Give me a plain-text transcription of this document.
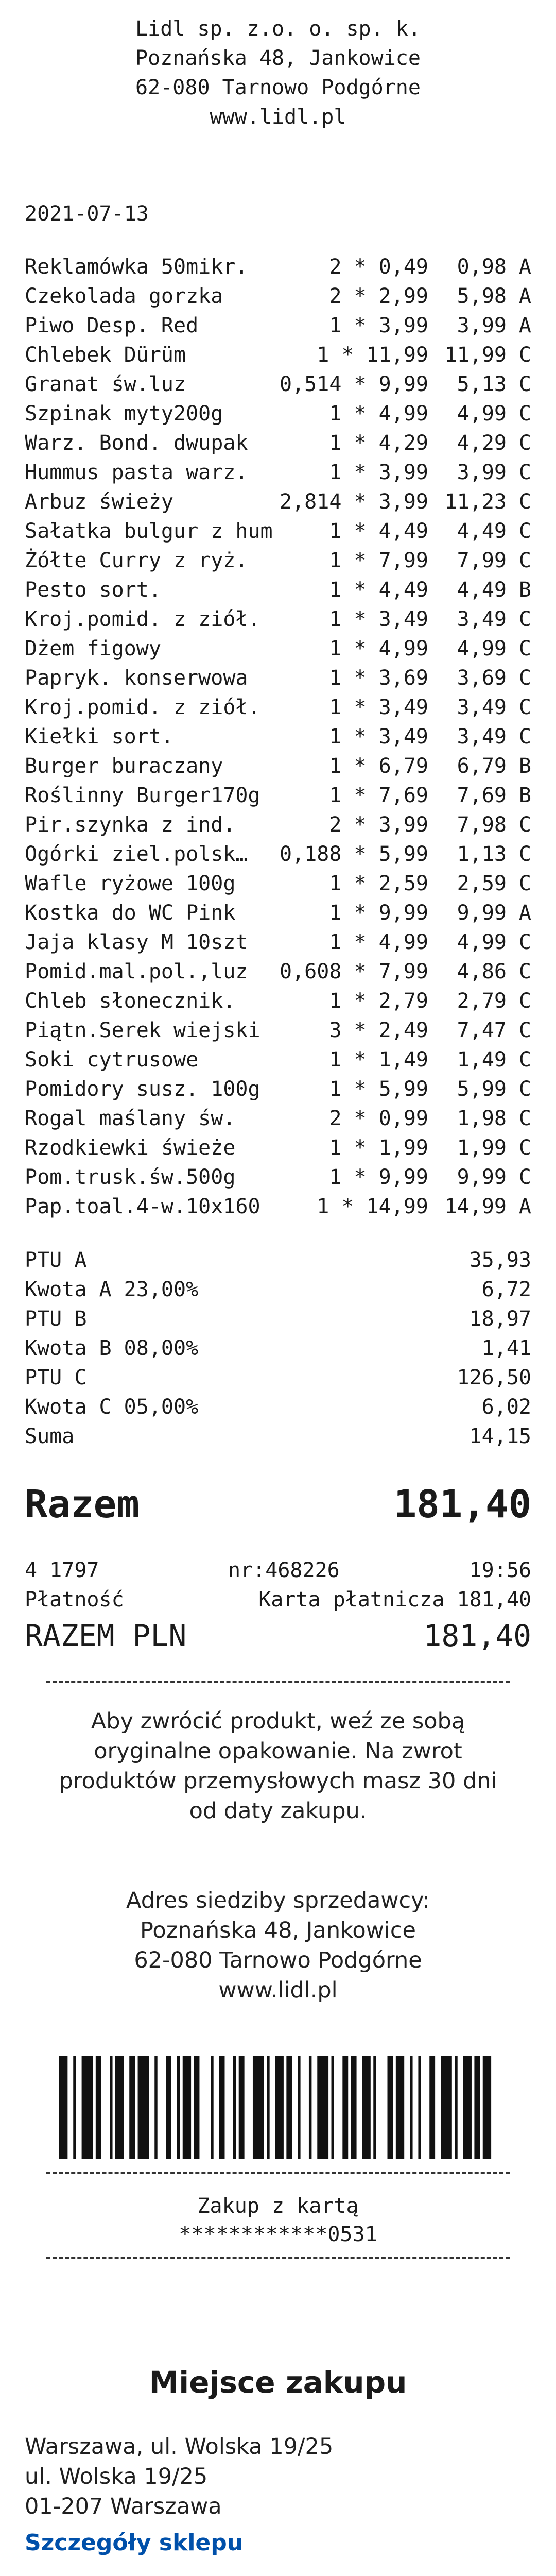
Lidl sp. z.o. o. sp. k.
Poznańska 48, Jankowice
62-080 Tarnowo Podgórne
www.lidl.pl
2021-07-13
Reklamówka 50mikr.	2 * 0,49 0,98 A
Czekolada gorzka	2 * 2,99 5,98 A
Piwo Desp. Red	1 * 3,99 3,99 A
Chlebek Dürüm	1 * 11,99 11,99 C
Granat św.luz	0,514 * 9,99 5,13 C
Szpinak myty200g	1 * 4,99 4,99 C
Warz. Bond. dwupak	1 * 4,29 4,29 C
Hummus pasta warz.	1 * 3,99 3,99 C
Arbuz świeży	2,814 * 3,99 11,23 C
Sałatka bulgur z hum	1 * 4,49 4,49 C
Żółte Curry z ryż.	1 * 7,99 7,99 C
Pesto sort.	1 * 4,49 4,49 B
Kroj.pomid. z ziół.	1 * 3,49 3,49 C
Dżem figowy	1 * 4,99 4,99 C
Papryk. konserwowa	1 * 3,69 3,69 C
Kroj.pomid. z ziół.	1 * 3,49 3,49 C
Kiełki sort.	1 * 3,49 3,49 C
Burger buraczany	1 * 6,79 6,79 B
Roślinny Burger170g	1 * 7,69 7,69 B
Pir.szynka z ind.	2 * 3,99 7,98 C
Ogórki ziel.polsk… 0,188 * 5,99 1,13 C
Wafle ryżowe 100g	1 * 2,59 2,59 C
Kostka do WC Pink	1 * 9,99 9,99 A
Jaja klasy M 10szt	1 * 4,99 4,99 C
Pomid.mal.pol.,luz 0,608 * 7,99 4,86 C
Chleb słonecznik.	1 * 2,79 2,79 C
Piątn.Serek wiejski	3 * 2,49 7,47 C
Soki cytrusowe	1 * 1,49 1,49 C
Pomidory susz. 100g	1 * 5,99 5,99 C
Rogal maślany św.	2 * 0,99 1,98 C
Rzodkiewki świeże	1 * 1,99 1,99 C
Pom.trusk.św.500g	1 * 9,99 9,99 C
Pap.toal.4-w.10x160	1 * 14,99 14,99 A
PTU A	35,93
Kwota A 23,00%	6,72
PTU B	18,97
Kwota B 08,00%	1,41
PTU C	126,50
Kwota C 05,00%	6,02
Suma	14,15
Razem	181,40
4 1797	nr:468226	19:56
Płatność	Karta płatnicza 181,40
RAZEM PLN	181,40
Aby zwrócić produkt, weź ze sobą oryginalne opakowanie. Na zwrot produktów przemysłowych masz 30 dni od daty zakupu.
Adres siedziby sprzedawcy:
Poznańska 48, Jankowice
62-080 Tarnowo Podgórne
www.lidl.pl
Zakup z kartą
************0531
Miejsce zakupu
Warszawa, ul. Wolska 19/25
ul. Wolska 19/25
01-207 Warszawa
Szczegóły sklepu
